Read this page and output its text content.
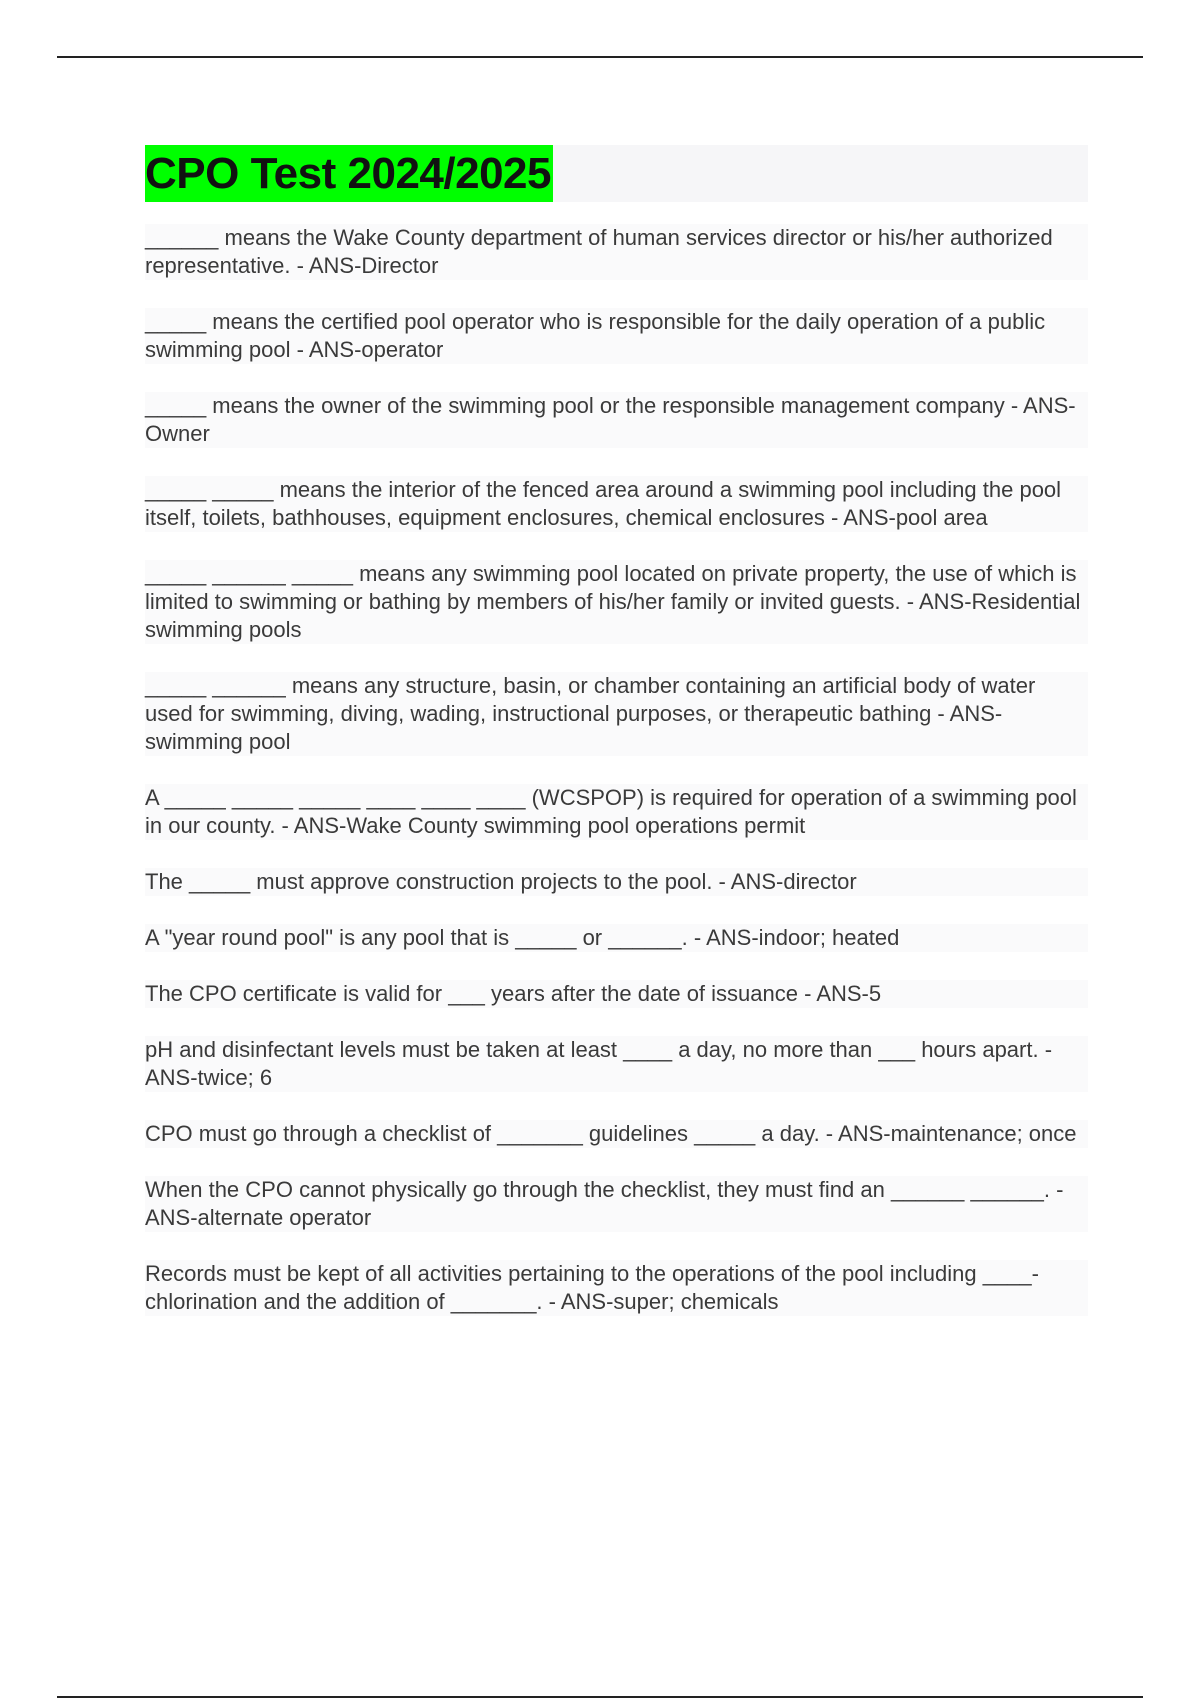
CPO Test 2024/2025

______ means the Wake County department of human services director or his/her authorized representative. - ANS-Director

_____ means the certified pool operator who is responsible for the daily operation of a public swimming pool - ANS-operator

_____ means the owner of the swimming pool or the responsible management company - ANS-Owner

_____ _____ means the interior of the fenced area around a swimming pool including the pool itself, toilets, bathhouses, equipment enclosures, chemical enclosures - ANS-pool area

_____ ______ _____ means any swimming pool located on private property, the use of which is limited to swimming or bathing by members of his/her family or invited guests. - ANS-Residential swimming pools

_____ ______ means any structure, basin, or chamber containing an artificial body of water used for swimming, diving, wading, instructional purposes, or therapeutic bathing - ANS-swimming pool

A _____ _____ _____ ____ ____ ____ (WCSPOP) is required for operation of a swimming pool in our county. - ANS-Wake County swimming pool operations permit

The _____ must approve construction projects to the pool. - ANS-director

A "year round pool" is any pool that is _____ or ______. - ANS-indoor; heated

The CPO certificate is valid for ___ years after the date of issuance - ANS-5

pH and disinfectant levels must be taken at least ____ a day, no more than ___ hours apart. - ANS-twice; 6

CPO must go through a checklist of _______ guidelines _____ a day. - ANS-maintenance; once

When the CPO cannot physically go through the checklist, they must find an ______ ______. - ANS-alternate operator

Records must be kept of all activities pertaining to the operations of the pool including ____-chlorination and the addition of _______. - ANS-super; chemicals
